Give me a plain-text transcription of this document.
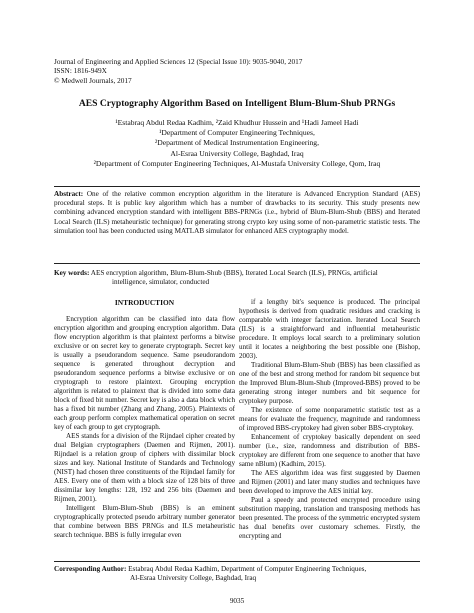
Journal of Engineering and Applied Sciences 12 (Special Issue 10): 9035-9040, 2017
ISSN: 1816-949X
© Medwell Journals, 2017
AES Cryptography Algorithm Based on Intelligent Blum-Blum-Shub PRNGs
¹Estabraq Abdul Redaa Kadhim, ²Zaid Khudhur Hussein and ¹Hadi Jameel Hadi
¹Department of Computer Engineering Techniques,
²Department of Medical Instrumentation Engineering,
Al-Esraa University College, Baghdad, Iraq
²Department of Computer Engineering Techniques, Al-Mustafa University College, Qom, Iraq
Abstract: One of the relative common encryption algorithm in the literature is Advanced Encryption Standard (AES) procedural steps. It is public key algorithm which has a number of drawbacks to its security. This study presents new combining advanced encryption standard with intelligent BBS-PRNGs (i.e., hybrid of Blum-Blum-Shub (BBS) and Iterated Local Search (ILS) metaheuristic technique) for generating strong crypto key using some of non-parametric statistic tests. The simulation tool has been conducted using MATLAB simulator for enhanced AES cryptography model.
Key words: AES encryption algorithm, Blum-Blum-Shub (BBS), Iterated Local Search (ILS), PRNGs, artificial
intelligence, simulator, conducted
INTRODUCTION

Encryption algorithm can be classified into data flow encryption algorithm and grouping encryption algorithm. Data flow encryption algorithm is that plaintext performs a bitwise exclusive or on secret key to generate cryptograph. Secret key is usually a pseudorandom sequence. Same pseudorandom sequence is generated throughout decryption and pseudorandom sequence performs a bitwise exclusive or on cryptograph to restore plaintext. Grouping encryption algorithm is related to plaintext that is divided into some data block of fixed bit number. Secret key is also a data block which has a fixed bit number (Zhang and Zhang, 2005). Plaintexts of each group perform complex mathematical operation on secret key of each group to get cryptograph.

AES stands for a division of the Rijndael cipher created by dual Belgian cryptographers (Daemen and Rijmen, 2001). Rijndael is a relation group of ciphers with dissimilar block sizes and key. National Institute of Standards and Technology (NIST) had chosen three constituents of the Rijndael family for AES. Every one of them with a block size of 128 bits of three dissimilar key lengths: 128, 192 and 256 bits (Daemen and Rijmen, 2001).

Intelligent Blum-Blum-Shub (BBS) is an eminent cryptographically protected pseudo arbitrary number generator that combine between BBS PRNGs and ILS metaheuristic search technique. BBS is fully irregular even

if a lengthy bit's sequence is produced. The principal hypothesis is derived from quadratic residues and cracking is comparable with integer factorization. Iterated Local Search (ILS) is a straightforward and influential metaheuristic procedure. It employs local search to a preliminary solution until it locates a neighboring the best possible one (Bishop, 2003).

Traditional Blum-Blum-Shub (BBS) has been classified as one of the best and strong method for random bit sequence but the Improved Blum-Blum-Shub (Improved-BBS) proved to be generating strong integer numbers and bit sequence for cryptokey purpose.

The existence of some nonparametric statistic test as a means for evaluate the frequency, magnitude and randomness of improved BBS-cryptokey had given sober BBS-cryptokey.

Enhancement of cryptokey basically dependent on seed number (i.e., size, randomness and distribution of BBS-cryptokey are different from one sequence to another that have same nBlum) (Kadhim, 2015).

The AES algorithm idea was first suggested by Daemen and Rijmen (2001) and later many studies and techniques have been developed to improve the AES initial key.

Paul a speedy and protected encrypted procedure using substitution mapping, translation and transposing methods has been presented. The process of the symmetric encrypted system has dual benefits over customary schemes. Firstly, the encrypting and

Corresponding Author: Estabraq Abdul Redaa Kadhim, Department of Computer Engineering Techniques,
Al-Esraa University College, Baghdad, Iraq
9035
